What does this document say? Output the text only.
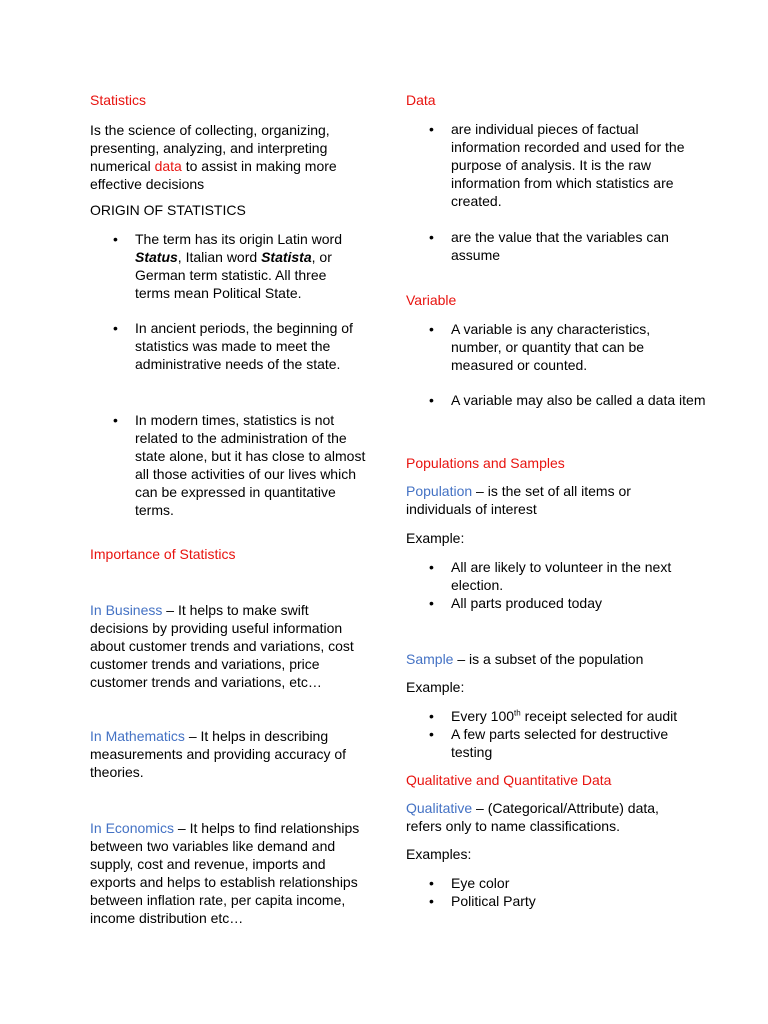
Statistics
Is the science of collecting, organizing, presenting, analyzing, and interpreting numerical data to assist in making more effective decisions
ORIGIN OF STATISTICS
• The term has its origin Latin word Status, Italian word Statista, or German term statistic. All three terms mean Political State.
• In ancient periods, the beginning of statistics was made to meet the administrative needs of the state.
• In modern times, statistics is not related to the administration of the state alone, but it has close to almost all those activities of our lives which can be expressed in quantitative terms.
Importance of Statistics
In Business – It helps to make swift decisions by providing useful information about customer trends and variations, cost customer trends and variations, price customer trends and variations, etc…
In Mathematics – It helps in describing measurements and providing accuracy of theories.
In Economics – It helps to find relationships between two variables like demand and supply, cost and revenue, imports and exports and helps to establish relationships between inflation rate, per capita income, income distribution etc…
Data
• are individual pieces of factual information recorded and used for the purpose of analysis. It is the raw information from which statistics are created.
• are the value that the variables can assume
Variable
• A variable is any characteristics, number, or quantity that can be measured or counted.
• A variable may also be called a data item
Populations and Samples
Population – is the set of all items or individuals of interest
Example:
• All are likely to volunteer in the next election.
• All parts produced today
Sample – is a subset of the population
Example:
• Every 100th receipt selected for audit
• A few parts selected for destructive testing
Qualitative and Quantitative Data
Qualitative – (Categorical/Attribute) data, refers only to name classifications.
Examples:
• Eye color
• Political Party
